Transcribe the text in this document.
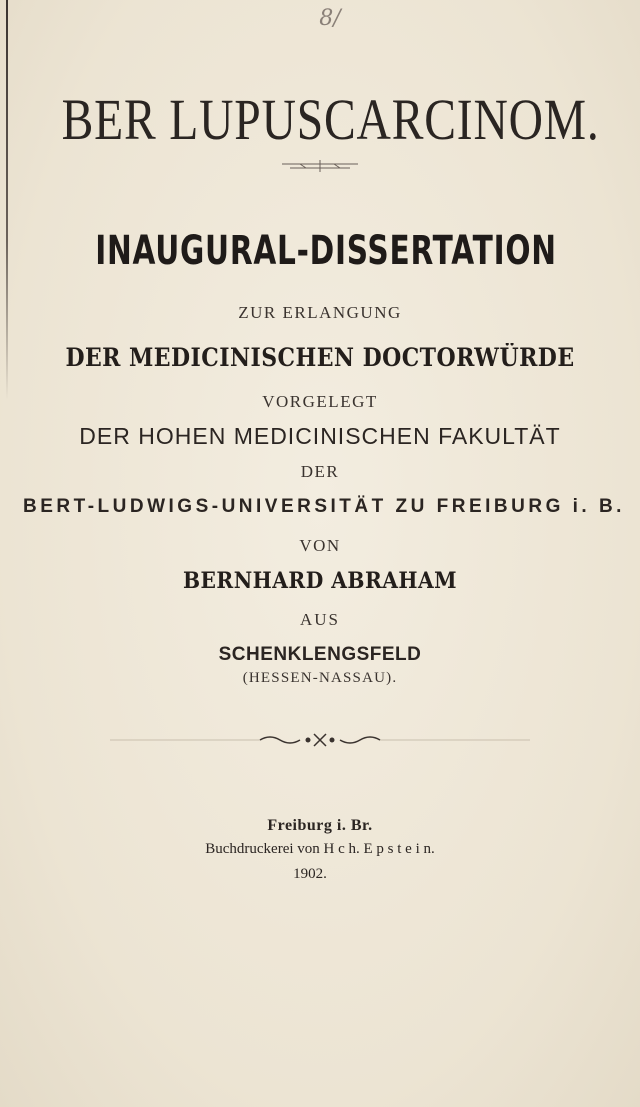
8/
BER LUPUSCARCINOM.
INAUGURAL-DISSERTATION
ZUR ERLANGUNG
DER MEDICINISCHEN DOCTORWÜRDE
VORGELEGT
DER HOHEN MEDICINISCHEN FAKULTÄT
DER
BERT-LUDWIGS-UNIVERSITÄT ZU FREIBURG i. B.
VON
BERNHARD ABRAHAM
AUS
SCHENKLENGSFELD
(HESSEN-NASSAU).
Freiburg i. Br.
Buchdruckerei von H c h. E p s t e i n.
1902.
